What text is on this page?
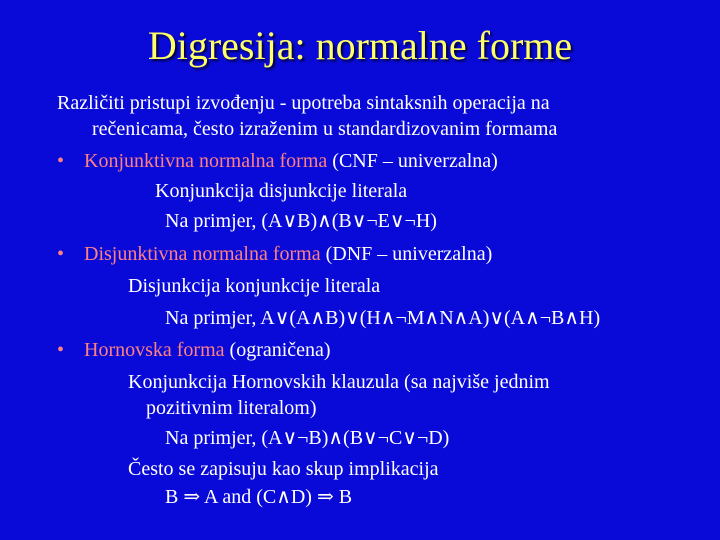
Digresija: normalne forme
Različiti pristupi izvođenju - upotreba sintaksnih operacija na
rečenicama, često izraženim u standardizovanim formama
• Konjunktivna normalna forma (CNF – univerzalna)
Konjunkcija disjunkcije literala
Na primjer, (A∨B)∧(B∨¬E∨¬H)
• Disjunktivna normalna forma (DNF – univerzalna)
Disjunkcija konjunkcije literala
Na primjer, A∨(A∧B)∨(H∧¬M∧N∧A)∨(A∧¬B∧H)
• Hornovska forma (ograničena)
Konjunkcija Hornovskih klauzula (sa najviše jednim
pozitivnim literalom)
Na primjer, (A∨¬B)∧(B∨¬C∨¬D)
Često se zapisuju kao skup implikacija
B ⇒ A and (C∧D) ⇒ B
